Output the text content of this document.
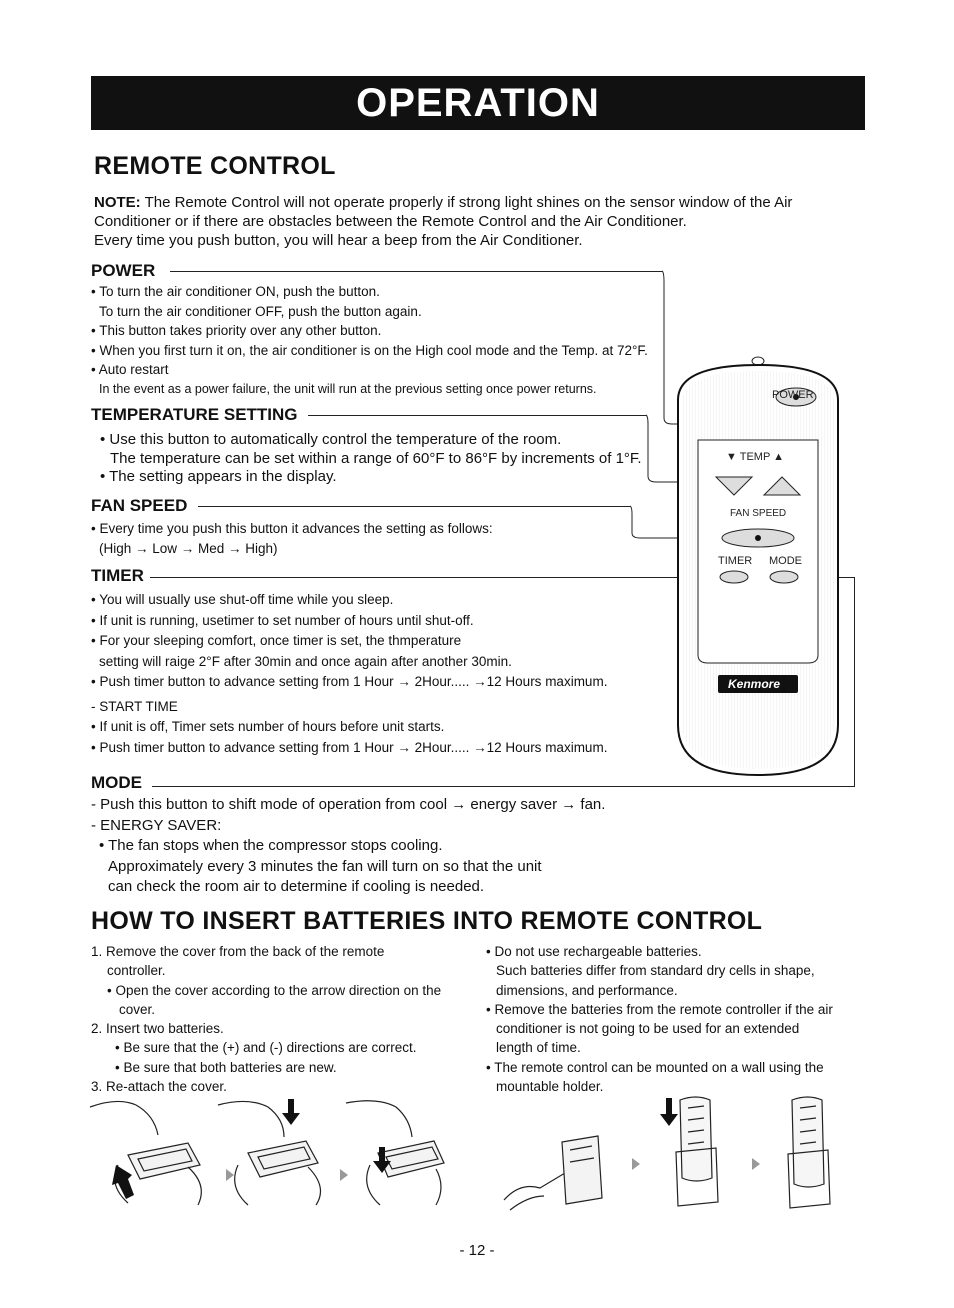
OPERATION
REMOTE CONTROL

NOTE: The Remote Control will not operate properly if strong light shines on the sensor window of the Air

Conditioner or if there are obstacles between the Remote Control and the Air Conditioner.

Every time you push button, you will hear a beep from the Air Conditioner.

POWER
• To turn the air conditioner ON, push the button.
To turn the air conditioner OFF, push the button again.
• This button takes priority over any other button.
• When you first turn it on, the air conditioner is on the High cool mode and the Temp. at 72°F.
• Auto restart
In the event as a power failure, the unit will run at the previous setting once power returns.
TEMPERATURE SETTING
• Use this button to automatically control the temperature of the room.
The temperature can be set within a range of 60°F to 86°F by increments of 1°F.
• The setting appears in the display.
FAN SPEED
• Every time you push this button it advances the setting as follows:
(High → Low → Med → High)
TIMER
• You will usually use shut-off time while you sleep.
• If unit is running, usetimer to set number of hours until shut-off.
• For your sleeping comfort, once timer is set, the thmperature
setting will raige 2°F after 30min and once again after another 30min.
• Push timer button to advance setting from 1 Hour → 2Hour..... →12 Hours maximum.
- START TIME
• If unit is off, Timer sets number of hours before unit starts.
• Push timer button to advance setting from 1 Hour → 2Hour..... →12 Hours maximum.
MODE
- Push this button to shift mode of operation from cool → energy saver → fan.
- ENERGY SAVER:
• The fan stops when the compressor stops cooling.
Approximately every 3 minutes the fan will turn on so that the unit
can check the room air to determine if cooling is needed.
POWER
▼ TEMP ▲
FAN SPEED
TIMER MODE
Kenmore
HOW TO INSERT BATTERIES INTO REMOTE CONTROL
1. Remove the cover from the back of the remote
controller.
• Open the cover according to the arrow direction on the
cover.
2. Insert two batteries.
• Be sure that the (+) and (-) directions are correct.
• Be sure that both batteries are new.
3. Re-attach the cover.
• Do not use rechargeable batteries.
Such batteries differ from standard dry cells in shape,
dimensions, and performance.
• Remove the batteries from the remote controller if the air
conditioner is not going to be used for an extended
length of time.
• The remote control can be mounted on a wall using the
mountable holder.
- 12 -
